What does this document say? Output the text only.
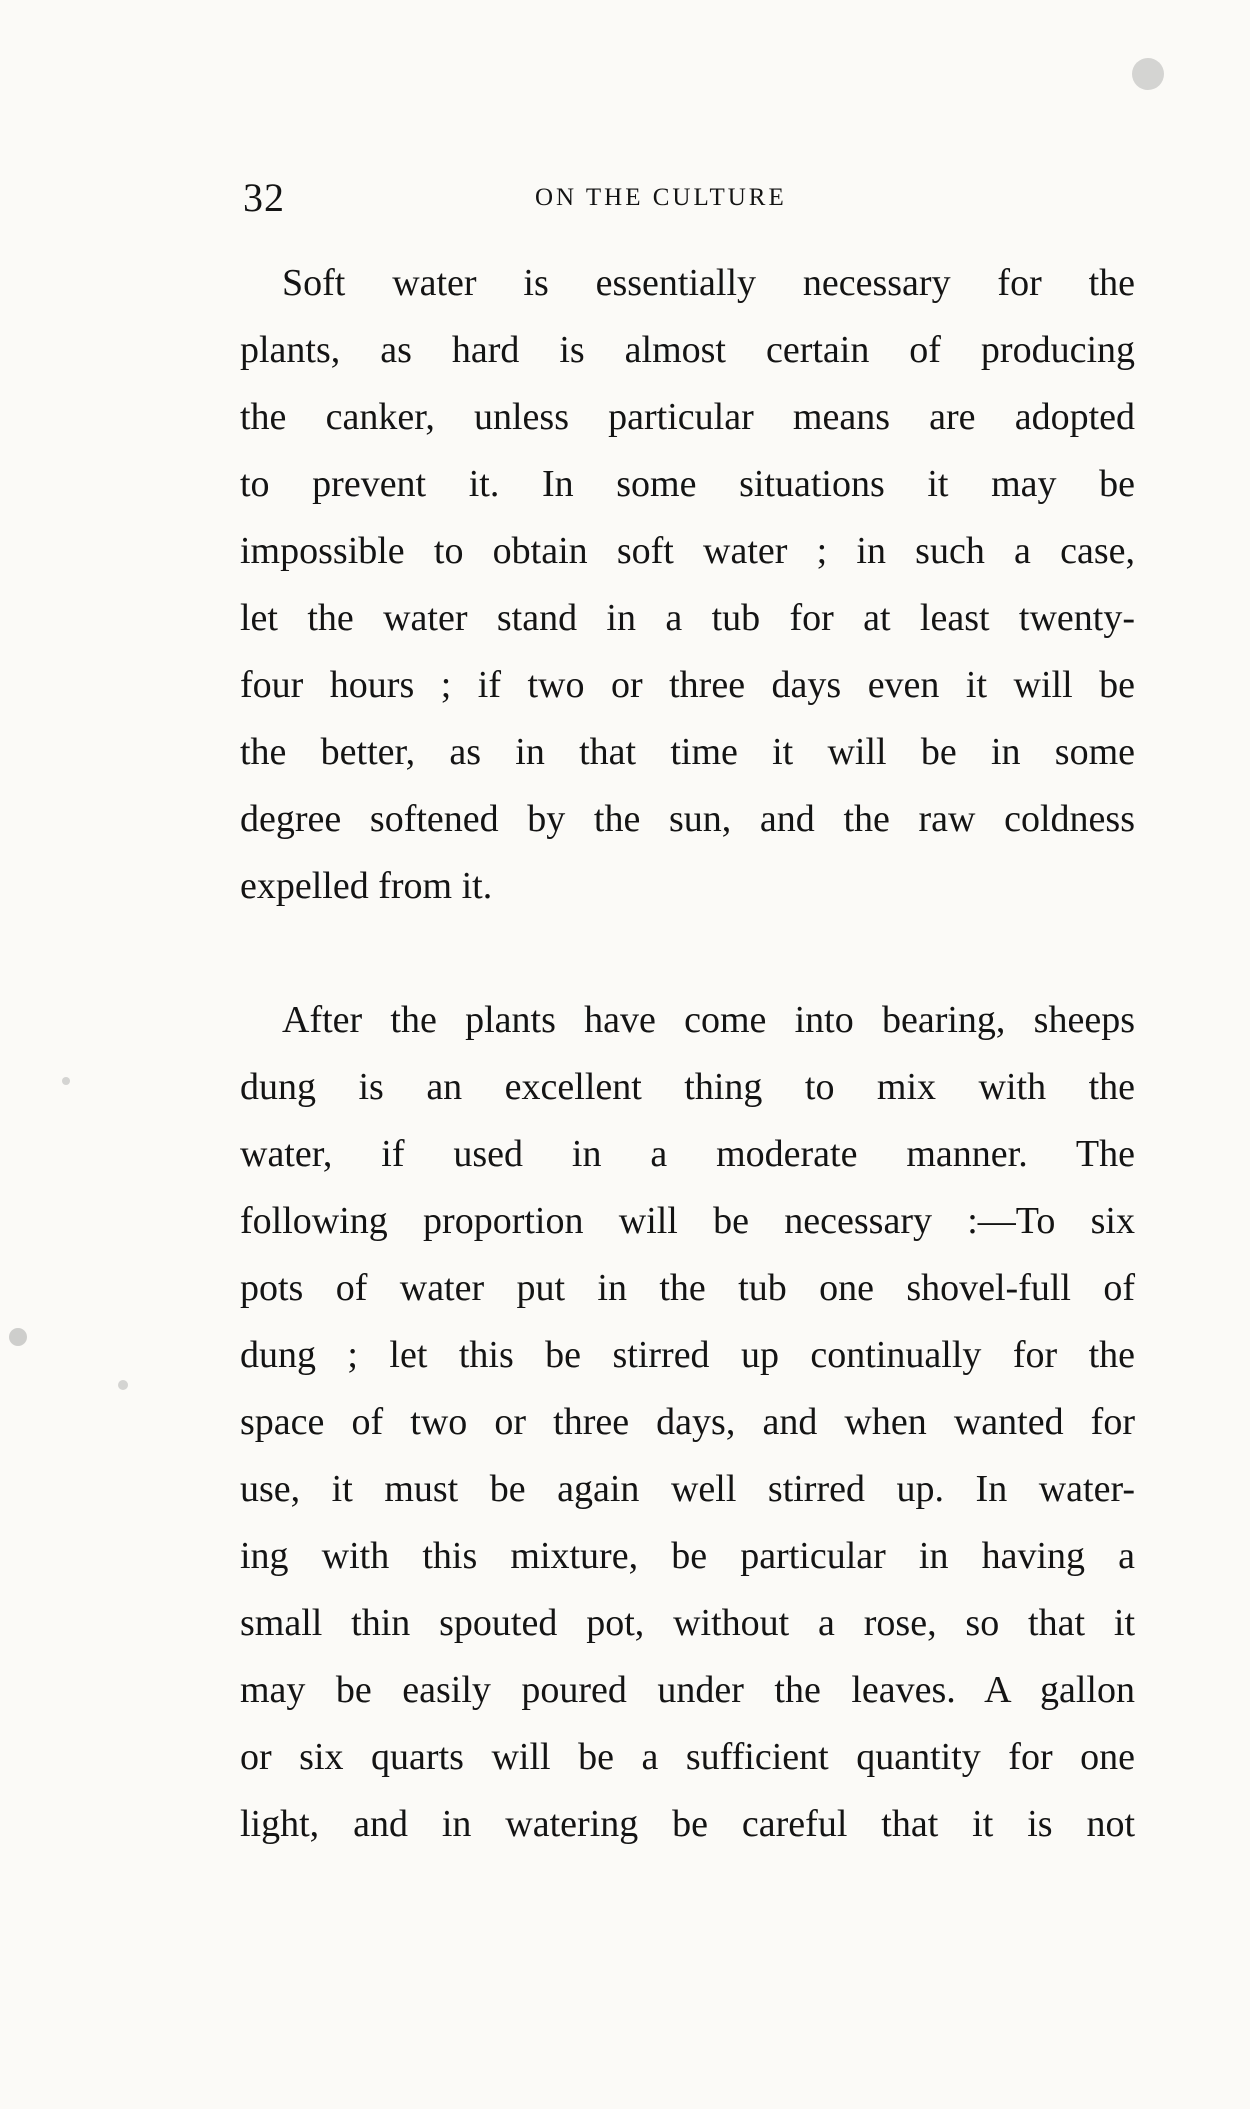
32	ON THE CULTURE

Soft water is essentially necessary for the
plants, as hard is almost certain of producing
the canker, unless particular means are adopted
to prevent it. In some situations it may be
impossible to obtain soft water ; in such a case,
let the water stand in a tub for at least twenty-
four hours ; if two or three days even it will be
the better, as in that time it will be in some
degree softened by the sun, and the raw coldness
expelled from it.

After the plants have come into bearing, sheeps
dung is an excellent thing to mix with the
water, if used in a moderate manner. The
following proportion will be necessary :—To six
pots of water put in the tub one shovel-full of
dung ; let this be stirred up continually for the
space of two or three days, and when wanted for
use, it must be again well stirred up. In water-
ing with this mixture, be particular in having a
small thin spouted pot, without a rose, so that it
may be easily poured under the leaves. A gallon
or six quarts will be a sufficient quantity for one
light, and in watering be careful that it is not
